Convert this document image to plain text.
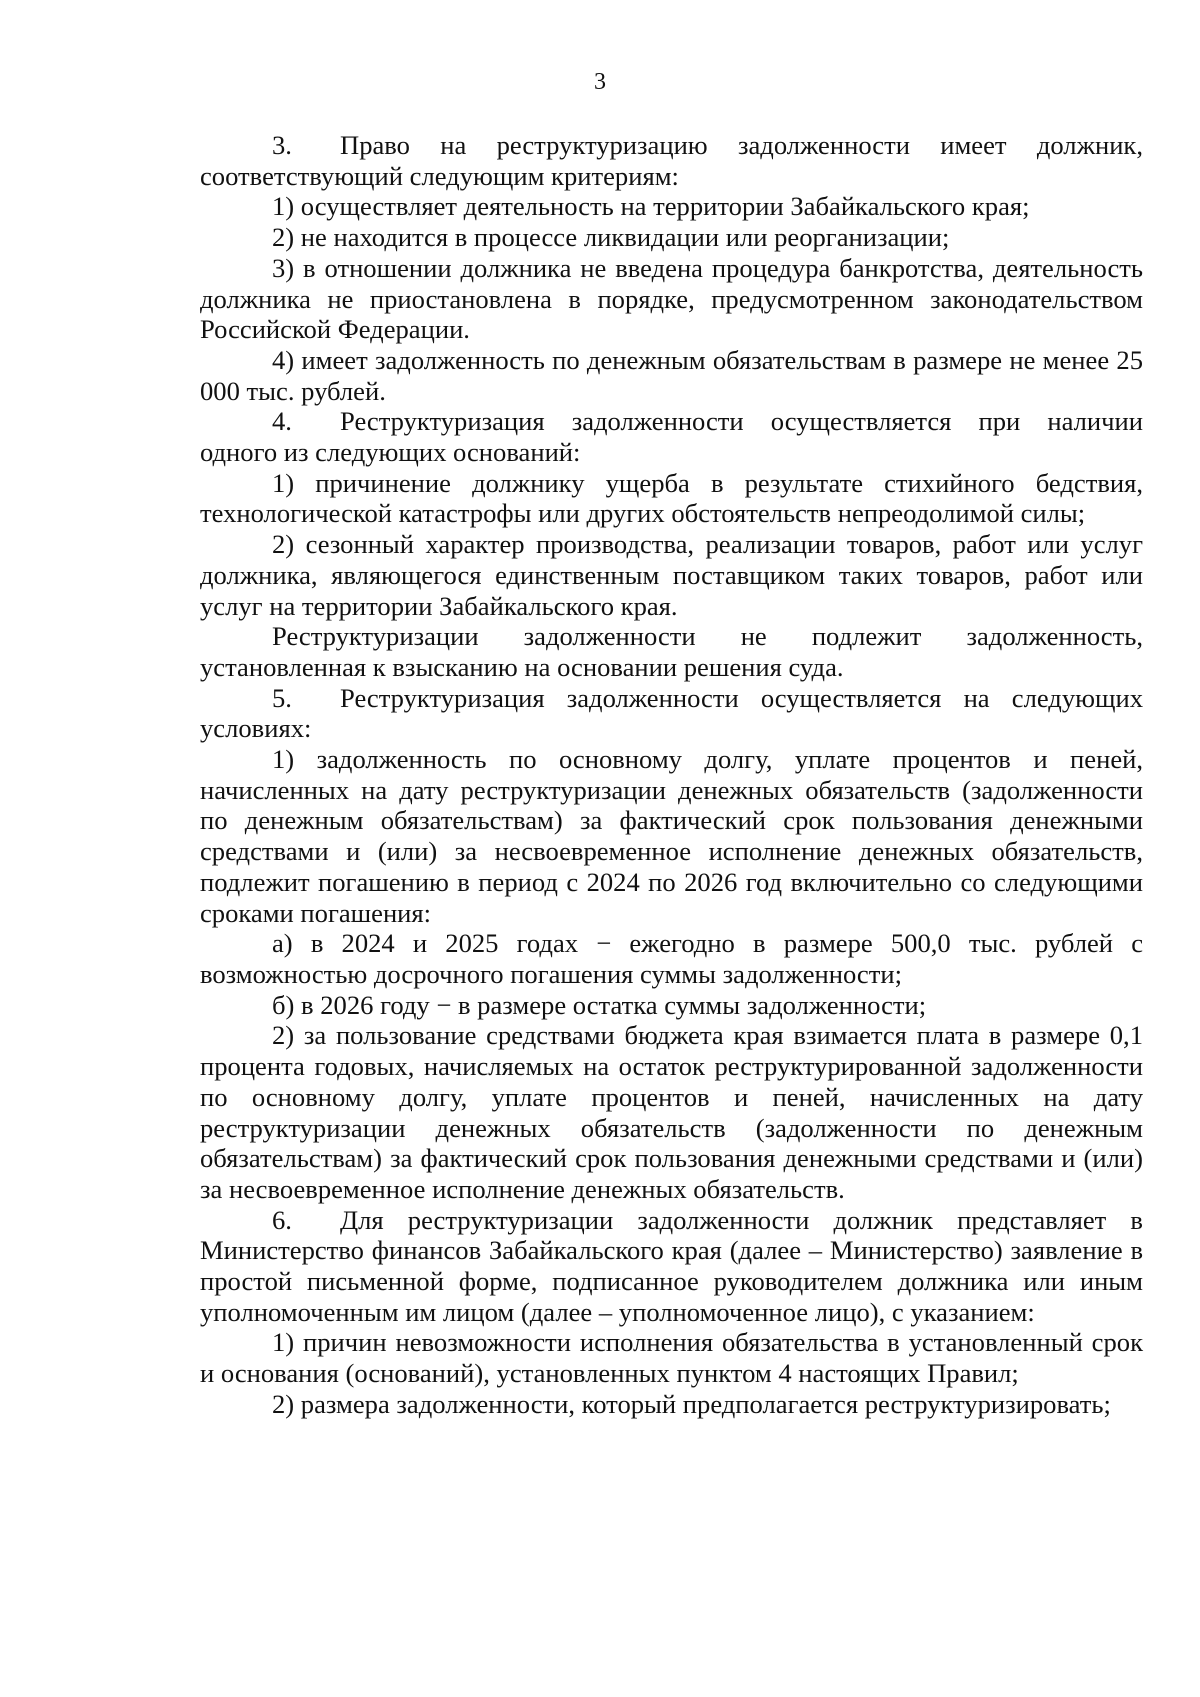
3

3. Право на реструктуризацию задолженности имеет должник, соответствующий следующим критериям:

1) осуществляет деятельность на территории Забайкальского края;

2) не находится в процессе ликвидации или реорганизации;

3) в отношении должника не введена процедура банкротства, деятельность должника не приостановлена в порядке, предусмотренном законодательством Российской Федерации.

4) имеет задолженность по денежным обязательствам в размере не менее 25 000 тыс. рублей.

4. Реструктуризация задолженности осуществляется при наличии одного из следующих оснований:

1) причинение должнику ущерба в результате стихийного бедствия, технологической катастрофы или других обстоятельств непреодолимой силы;

2) сезонный характер производства, реализации товаров, работ или услуг должника, являющегося единственным поставщиком таких товаров, работ или услуг на территории Забайкальского края.

Реструктуризации задолженности не подлежит задолженность, установленная к взысканию на основании решения суда.

5. Реструктуризация задолженности осуществляется на следующих условиях:

1) задолженность по основному долгу, уплате процентов и пеней, начисленных на дату реструктуризации денежных обязательств (задолженности по денежным обязательствам) за фактический срок пользования денежными средствами и (или) за несвоевременное исполнение денежных обязательств, подлежит погашению в период с 2024 по 2026 год включительно со следующими сроками погашения:

а) в 2024 и 2025 годах − ежегодно в размере 500,0 тыс. рублей с возможностью досрочного погашения суммы задолженности;

б) в 2026 году − в размере остатка суммы задолженности;

2) за пользование средствами бюджета края взимается плата в размере 0,1 процента годовых, начисляемых на остаток реструктурированной задолженности по основному долгу, уплате процентов и пеней, начисленных на дату реструктуризации денежных обязательств (задолженности по денежным обязательствам) за фактический срок пользования денежными средствами и (или) за несвоевременное исполнение денежных обязательств.

6. Для реструктуризации задолженности должник представляет в Министерство финансов Забайкальского края (далее – Министерство) заявление в простой письменной форме, подписанное руководителем должника или иным уполномоченным им лицом (далее – уполномоченное лицо), с указанием:

1) причин невозможности исполнения обязательства в установленный срок и основания (оснований), установленных пунктом 4 настоящих Правил;

2) размера задолженности, который предполагается реструктуризировать;
